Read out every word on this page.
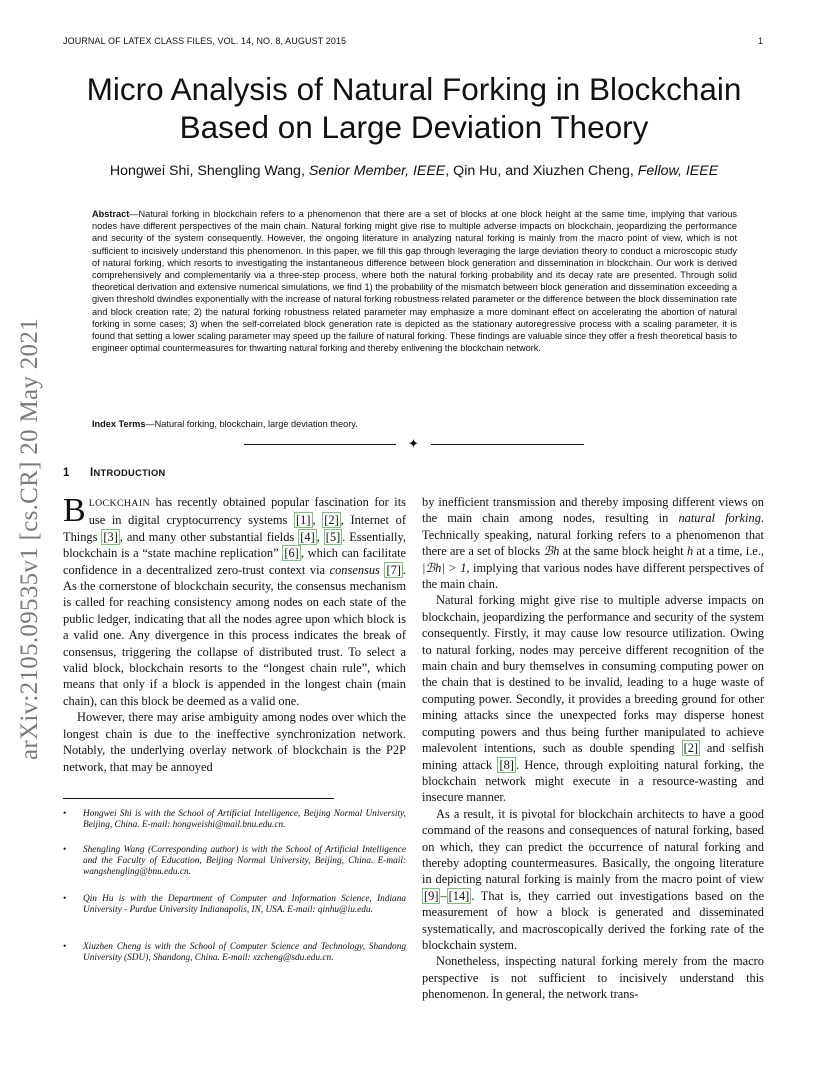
JOURNAL OF LATEX CLASS FILES, VOL. 14, NO. 8, AUGUST 2015	1
Micro Analysis of Natural Forking in Blockchain
Based on Large Deviation Theory
Hongwei Shi, Shengling Wang, Senior Member, IEEE, Qin Hu, and Xiuzhen Cheng, Fellow, IEEE
Abstract—Natural forking in blockchain refers to a phenomenon that there are a set of blocks at one block height at the same time, implying that various nodes have different perspectives of the main chain. Natural forking might give rise to multiple adverse impacts on blockchain, jeopardizing the performance and security of the system consequently. However, the ongoing literature in analyzing natural forking is mainly from the macro point of view, which is not sufficient to incisively understand this phenomenon. In this paper, we fill this gap through leveraging the large deviation theory to conduct a microscopic study of natural forking, which resorts to investigating the instantaneous difference between block generation and dissemination in blockchain. Our work is derived comprehensively and complementarily via a three-step process, where both the natural forking probability and its decay rate are presented. Through solid theoretical derivation and extensive numerical simulations, we find 1) the probability of the mismatch between block generation and dissemination exceeding a given threshold dwindles exponentially with the increase of natural forking robustness related parameter or the difference between the block dissemination rate and block creation rate; 2) the natural forking robustness related parameter may emphasize a more dominant effect on accelerating the abortion of natural forking in some cases; 3) when the self-correlated block generation rate is depicted as the stationary autoregressive process with a scaling parameter, it is found that setting a lower scaling parameter may speed up the failure of natural forking. These findings are valuable since they offer a fresh theoretical basis to engineer optimal countermeasures for thwarting natural forking and thereby enlivening the blockchain network.
Index Terms—Natural forking, blockchain, large deviation theory.
✦
1 INTRODUCTION

BLOCKCHAIN has recently obtained popular fascination for its use in digital cryptocurrency systems [1] , [2] , Internet of Things [3] , and many other substantial fields [4] , [5] . Essentially, blockchain is a “state machine replication” [6] , which can facilitate confidence in a decentralized zero-trust context via consensus [7] . As the cornerstone of blockchain security, the consensus mechanism is called for reaching consistency among nodes on each state of the public ledger, indicating that all the nodes agree upon which block is a valid one. Any divergence in this process indicates the break of consensus, triggering the collapse of distributed trust. To select a valid block, blockchain resorts to the “longest chain rule”, which means that only if a block is appended in the longest chain (main chain), can this block be deemed as a valid one.

However, there may arise ambiguity among nodes over which the longest chain is due to the ineffective synchronization network. Notably, the underlying overlay network of blockchain is the P2P network, that may be annoyed

• Hongwei Shi is with the School of Artificial Intelligence, Beijing Normal University, Beijing, China. E-mail: hongweishi@mail.bnu.edu.cn.
• Shengling Wang (Corresponding author) is with the School of Artificial Intelligence and the Faculty of Education, Beijing Normal University, Beijing, China. E-mail: wangshengling@bnu.edu.cn.
• Qin Hu is with the Department of Computer and Information Science, Indiana University - Purdue University Indianapolis, IN, USA. E-mail: qinhu@iu.edu.
• Xiuzhen Cheng is with the School of Computer Science and Technology, Shandong University (SDU), Shandong, China. E-mail: xzcheng@sdu.edu.cn.

by inefficient transmission and thereby imposing different views on the main chain among nodes, resulting in natural forking. Technically speaking, natural forking refers to a phenomenon that there are a set of blocks ℬh at the same block height h at a time, i.e., |ℬh| > 1, implying that various nodes have different perspectives of the main chain.

Natural forking might give rise to multiple adverse impacts on blockchain, jeopardizing the performance and security of the system consequently. Firstly, it may cause low resource utilization. Owing to natural forking, nodes may perceive different recognition of the main chain and bury themselves in consuming computing power on the chain that is destined to be invalid, leading to a huge waste of computing power. Secondly, it provides a breeding ground for other mining attacks since the unexpected forks may disperse honest computing powers and thus being further manipulated to achieve malevolent intentions, such as double spending [2] and selfish mining attack [8] . Hence, through exploiting natural forking, the blockchain network might execute in a resource-wasting and insecure manner.

As a result, it is pivotal for blockchain architects to have a good command of the reasons and consequences of natural forking, based on which, they can predict the occurrence of natural forking and thereby adopting countermeasures. Basically, the ongoing literature in depicting natural forking is mainly from the macro point of view [9] – [14] . That is, they carried out investigations based on the measurement of how a block is generated and disseminated systematically, and macroscopically derived the forking rate of the blockchain system.

Nonetheless, inspecting natural forking merely from the macro perspective is not sufficient to incisively understand this phenomenon. In general, the network trans-

arXiv:2105.09535v1 [cs.CR] 20 May 2021
